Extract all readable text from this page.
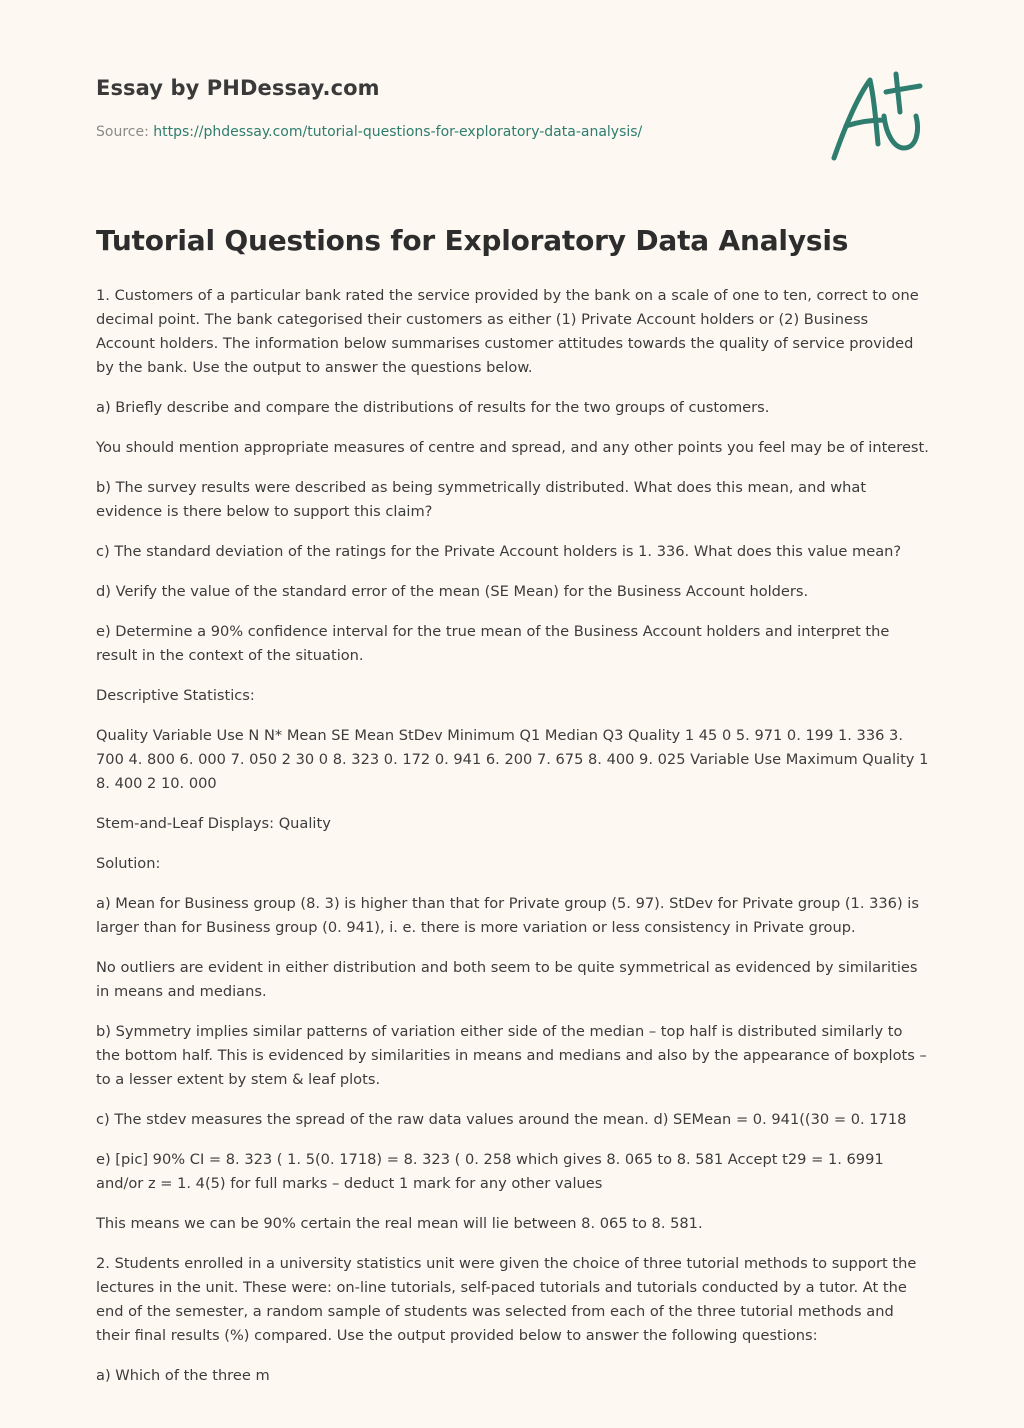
Essay by PHDessay.com
Source: https://phdessay.com/tutorial-questions-for-exploratory-data-analysis/
Tutorial Questions for Exploratory Data Analysis

1. Customers of a particular bank rated the service provided by the bank on a scale of one to ten, correct to one decimal point. The bank categorised their customers as either (1) Private Account holders or (2) Business Account holders. The information below summarises customer attitudes towards the quality of service provided by the bank. Use the output to answer the questions below.

a) Briefly describe and compare the distributions of results for the two groups of customers.

You should mention appropriate measures of centre and spread, and any other points you feel may be of interest.

b) The survey results were described as being symmetrically distributed. What does this mean, and what evidence is there below to support this claim?

c) The standard deviation of the ratings for the Private Account holders is 1. 336. What does this value mean?

d) Verify the value of the standard error of the mean (SE Mean) for the Business Account holders.

e) Determine a 90% confidence interval for the true mean of the Business Account holders and interpret the result in the context of the situation.

Descriptive Statistics:

Quality Variable Use N N* Mean SE Mean StDev Minimum Q1 Median Q3 Quality 1 45 0 5. 971 0. 199 1. 336 3. 700 4. 800 6. 000 7. 050 2 30 0 8. 323 0. 172 0. 941 6. 200 7. 675 8. 400 9. 025 Variable Use Maximum Quality 1 8. 400 2 10. 000

Stem-and-Leaf Displays: Quality

Solution:

a) Mean for Business group (8. 3) is higher than that for Private group (5. 97). StDev for Private group (1. 336) is larger than for Business group (0. 941), i. e. there is more variation or less consistency in Private group.

No outliers are evident in either distribution and both seem to be quite symmetrical as evidenced by similarities in means and medians.

b) Symmetry implies similar patterns of variation either side of the median – top half is distributed similarly to the bottom half. This is evidenced by similarities in means and medians and also by the appearance of boxplots – to a lesser extent by stem & leaf plots.

c) The stdev measures the spread of the raw data values around the mean. d) SEMean = 0. 941((30 = 0. 1718

e) [pic] 90% CI = 8. 323 ( 1. 5(0. 1718) = 8. 323 ( 0. 258 which gives 8. 065 to 8. 581 Accept t29 = 1. 6991 and/or z = 1. 4(5) for full marks – deduct 1 mark for any other values

This means we can be 90% certain the real mean will lie between 8. 065 to 8. 581.

2. Students enrolled in a university statistics unit were given the choice of three tutorial methods to support the lectures in the unit. These were: on-line tutorials, self-paced tutorials and tutorials conducted by a tutor. At the end of the semester, a random sample of students was selected from each of the three tutorial methods and their final results (%) compared. Use the output provided below to answer the following questions:

a) Which of the three m
